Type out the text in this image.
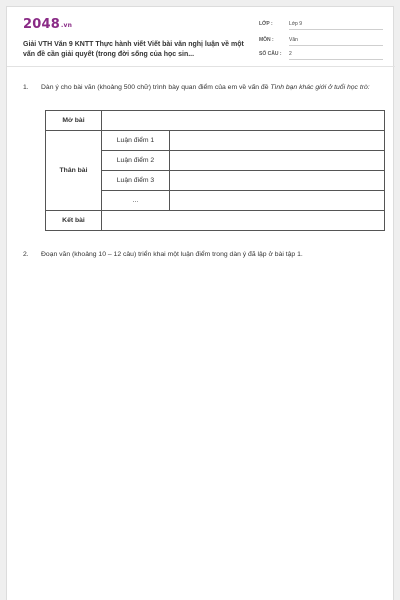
2048.vn
Giải VTH Văn 9 KNTT Thực hành viết Viết bài văn nghị luận về một vấn đề cần giải quyết (trong đời sống của học sin...
LỚP :	Lớp 9
MÔN :	Văn
SỐ CÂU : 2
1. Dàn ý cho bài văn (khoảng 500 chữ) trình bày quan điểm của em về vấn đề Tình bạn khác giới ở tuổi học trò:
Mở bài		
Thân bài	Luận điểm 1	
	Luận điểm 2	
	Luận điểm 3	
	...	
Kết bài		
2. Đoạn văn (khoảng 10 – 12 câu) triển khai một luận điểm trong dàn ý đã lập ở bài tập 1.
